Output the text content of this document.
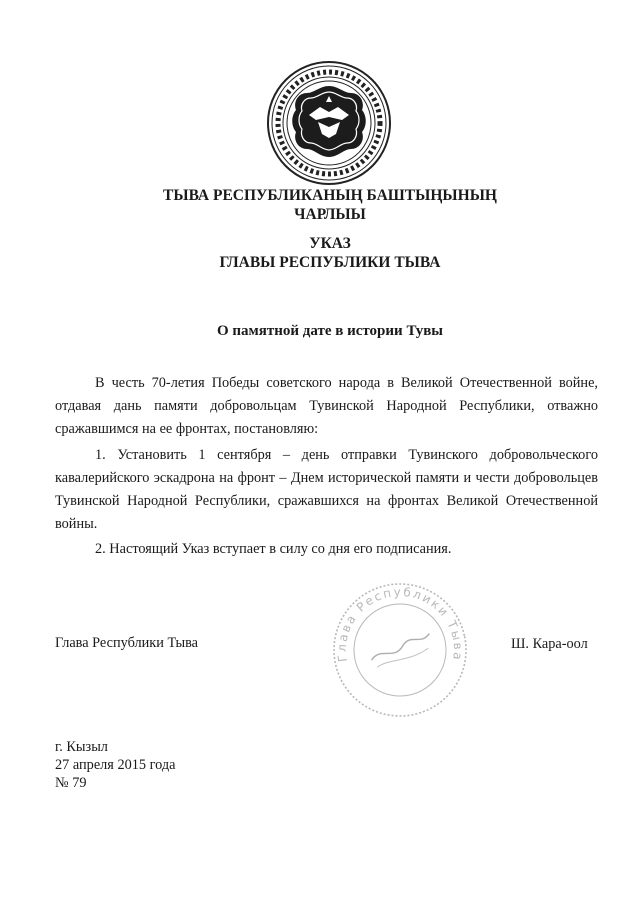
ТЫВА РЕСПУБЛИКАНЫҢ БАШТЫҢЫНЫҢ
ЧАРЛЫЫ
УКАЗ
ГЛАВЫ РЕСПУБЛИКИ ТЫВА
О памятной дате в истории Тувы

В честь 70-летия Победы советского народа в Великой Отечественной войне, отдавая дань памяти добровольцам Тувинской Народной Республики, отважно сражавшимся на ее фронтах, постановляю:

1. Установить 1 сентября – день отправки Тувинского добровольческого кавалерийского эскадрона на фронт – Днем исторической памяти и чести добровольцев Тувинской Народной Республики, сражавшихся на фронтах Великой Отечественной войны.

2. Настоящий Указ вступает в силу со дня его подписания.

Глава Республики Тыва
Глава Республики Тыва	Ш. Кара-оол
г. Кызыл
27 апреля 2015 года
№ 79
